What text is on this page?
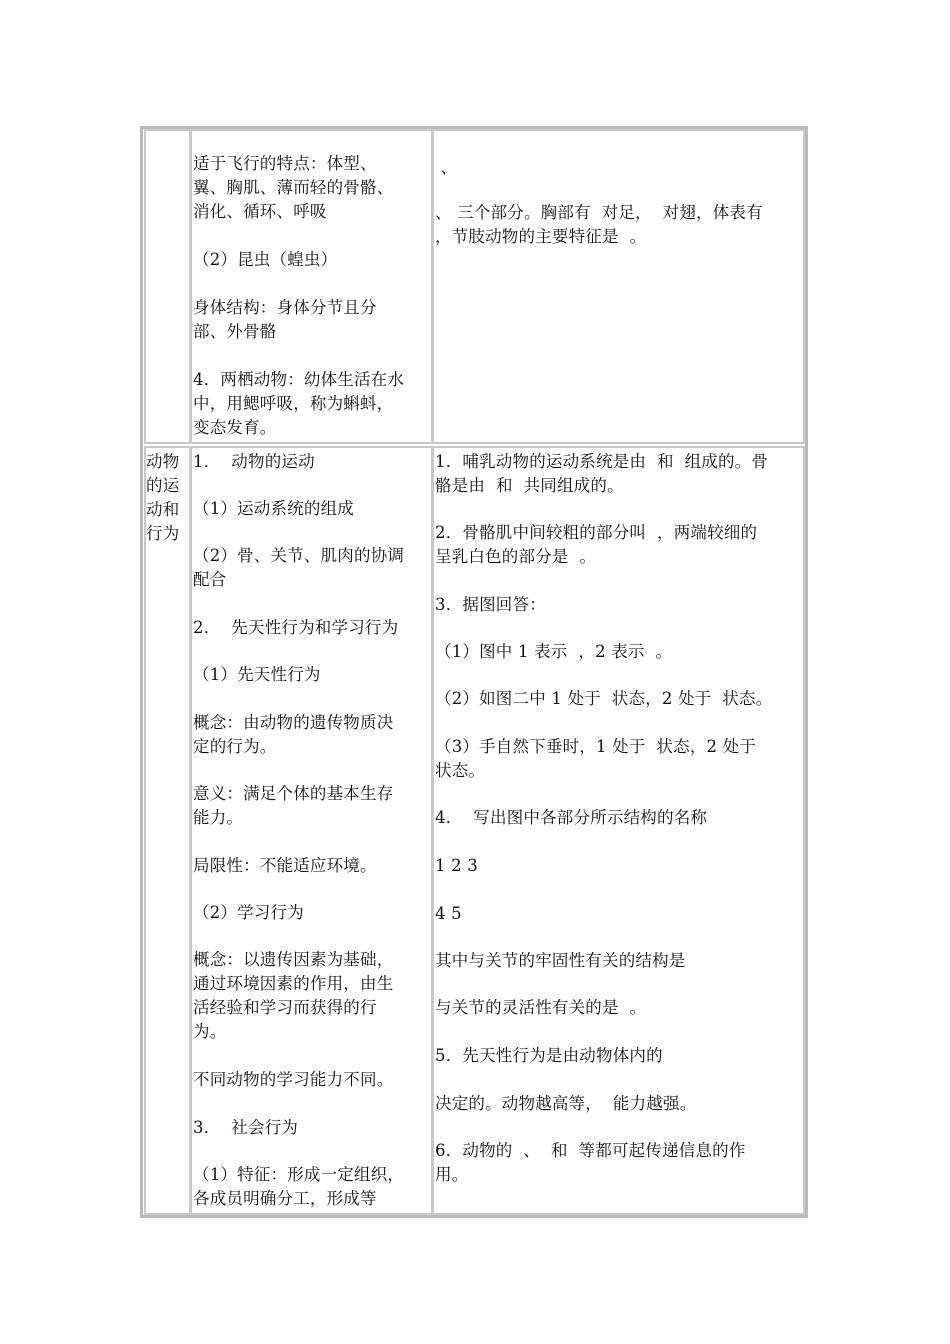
适于飞行的特点：体型、
翼、胸肌、薄而轻的骨骼、
消化、循环、呼吸
（2）昆虫（蝗虫）
身体结构：身体分节且分
部、外骨骼
4．两栖动物：幼体生活在水
中，用鳃呼吸，称为蝌蚪，
变态发育。
、
、 三个部分。胸部有  对足，  对翅，体表有
，节肢动物的主要特征是  。
动物
的运
动和
行为
1．  动物的运动
（1）运动系统的组成
（2）骨、关节、肌肉的协调
配合
2．  先天性行为和学习行为
（1）先天性行为
概念：由动物的遗传物质决
定的行为。
意义：满足个体的基本生存
能力。
局限性：不能适应环境。
（2）学习行为
概念：以遗传因素为基础，
通过环境因素的作用，由生
活经验和学习而获得的行
为。
不同动物的学习能力不同。
3．  社会行为
（1）特征：形成一定组织，
各成员明确分工，形成等
1．哺乳动物的运动系统是由  和  组成的。骨
骼是由  和  共同组成的。
2．骨骼肌中间较粗的部分叫  ，两端较细的
呈乳白色的部分是  。
3．据图回答：
（1）图中 1 表示  ，2 表示  。
（2）如图二中 1 处于  状态，2 处于  状态。
（3）手自然下垂时，1 处于  状态，2 处于
状态。
4．  写出图中各部分所示结构的名称
1 2 3
4 5
其中与关节的牢固性有关的结构是
与关节的灵活性有关的是  。
5．先天性行为是由动物体内的
决定的。动物越高等，  能力越强。
6．动物的  、  和  等都可起传递信息的作
用。
